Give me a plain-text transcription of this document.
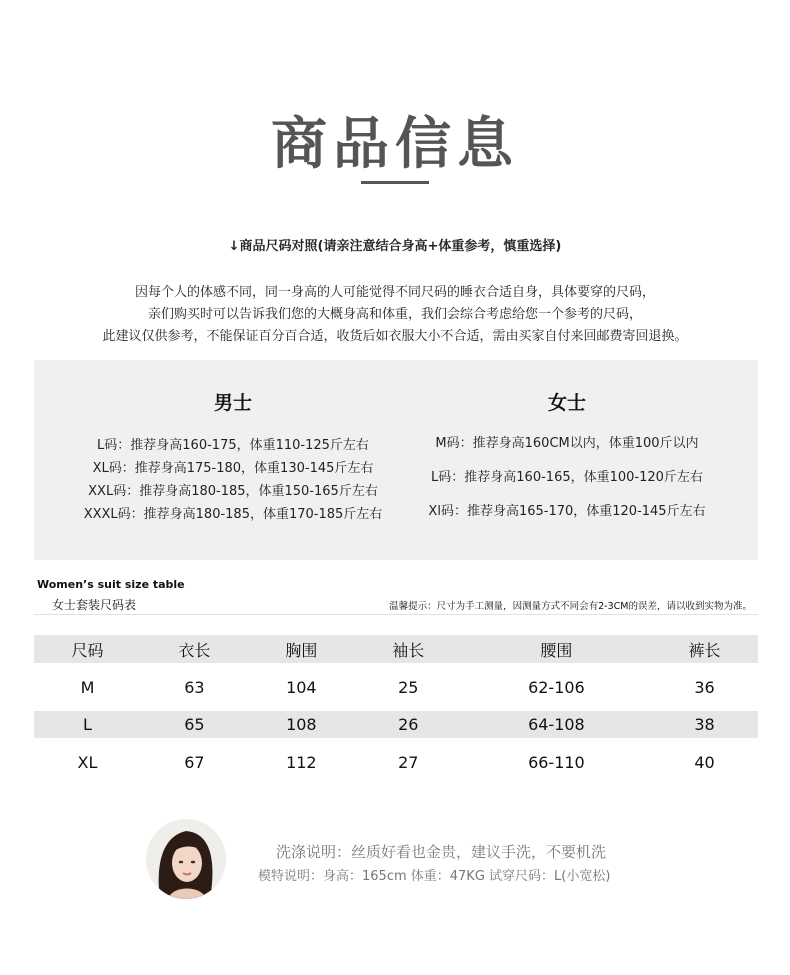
商品信息
↓商品尺码对照(请亲注意结合身高+体重参考，慎重选择)
因每个人的体感不同，同一身高的人可能觉得不同尺码的睡衣合适自身，具体要穿的尺码，
亲们购买时可以告诉我们您的大概身高和体重，我们会综合考虑给您一个参考的尺码，
此建议仅供参考，不能保证百分百合适，收货后如衣服大小不合适，需由买家自付来回邮费寄回退换。
男士
L码：推荐身高160-175，体重110-125斤左右
XL码：推荐身高175-180，体重130-145斤左右
XXL码：推荐身高180-185，体重150-165斤左右
XXXL码：推荐身高180-185，体重170-185斤左右
女士
M码：推荐身高160CM以内，体重100斤以内
L码：推荐身高160-165，体重100-120斤左右
Xl码：推荐身高165-170，体重120-145斤左右
Women’s suit size table
女士套装尺码表	温馨提示：尺寸为手工测量，因测量方式不同会有2-3CM的误差，请以收到实物为准。
尺码	衣长	胸围	袖长	腰围	裤长
M	63	104	25	62-106	36
L	65	108	26	64-108	38
XL	67	112	27	66-110	40
洗涤说明：丝质好看也金贵，建议手洗，不要机洗
模特说明：身高：165cm 体重：47KG 试穿尺码：L(小宽松)
